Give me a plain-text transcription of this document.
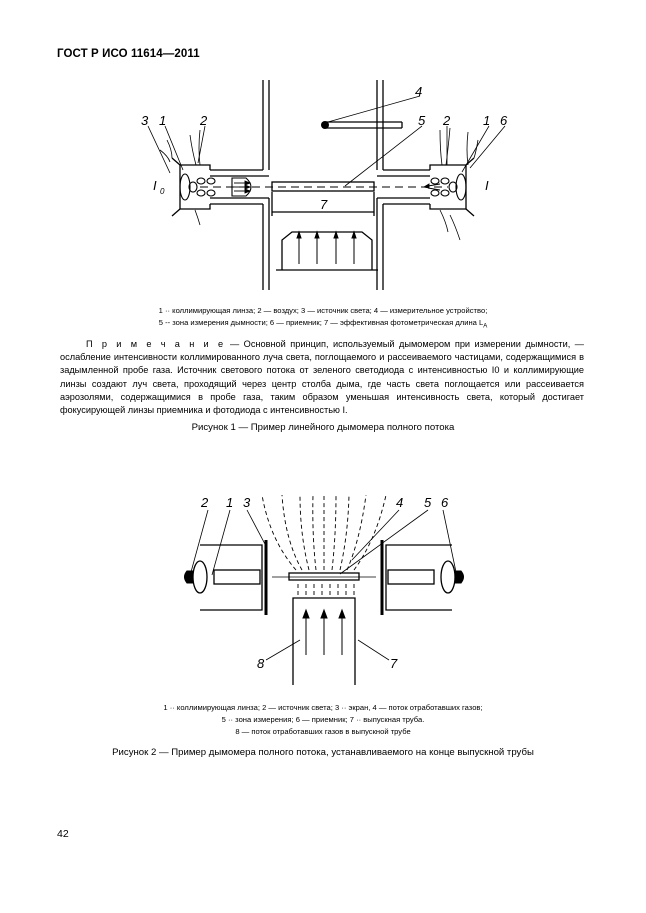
ГОСТ Р ИСО 11614—2011
3 1	2
4
5 2	1 6
7
I 0	I
1 ·· коллимирующая линза; 2 — воздух; 3 — источник света; 4 — измерительное устройство;
5 -- зона измерения дымности; 6 — приемник; 7 — эффективная фотометрическая длина $L_A$
П р и м е ч а н и е — Основной принцип, используемый дымомером при измерении дымности, — ослабление интенсивности коллимированного луча света, поглощаемого и рассеиваемого частицами, содержащимися в задымленной пробе газа. Источник светового потока от зеленого светодиода с интенсивностью I0 и коллимирующие линзы создают луч света, проходящий через центр столба дыма, где часть света поглощается или рассеивается аэрозолями, содержащимися в пробе газа, таким образом уменьшая интенсивность света, который достигает фокусирующей линзы приемника и фотодиода с интенсивностью I.
Рисунок 1 — Пример линейного дымомера полного потока
2 1 3	4 5 6
8	7
1 ·· коллимирующая линза; 2 — источник света; 3 ·· экран, 4 — поток отработавших газов;
5 ·· зона измерения; 6 — приемник; 7 ·· выпускная труба.
8 — поток отработавших газов в выпускной трубе
Рисунок 2 — Пример дымомера полного потока, устанавливаемого на конце выпускной трубы
42
